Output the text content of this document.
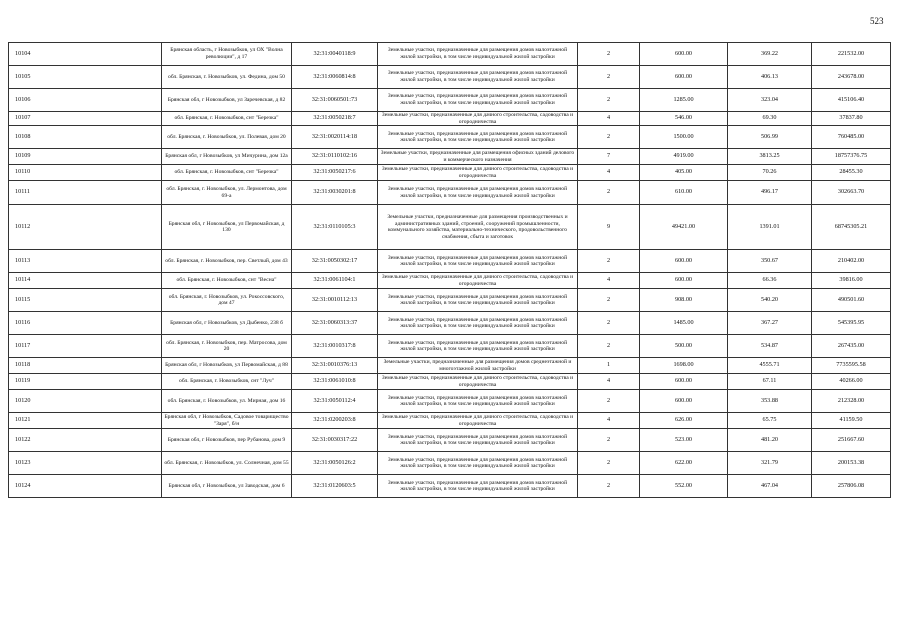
523
10104	Брянская область, г Новозыбков, ул ОХ "Волна революции", д 17	32:31:0040118:9	Земельные участки, предназначенные для размещения домов малоэтажной жилой застройки, в том числе индивидуальной жилой застройки	2	600.00	369.22	221532.00
10105	обл. Брянская, г. Новозыбков, ул. Федина, дом 50	32:31:0060814:8	Земельные участки, предназначенные для размещения домов малоэтажной жилой застройки, в том числе индивидуальной жилой застройки	2	600.00	406.13	243678.00
10106	Брянская обл, г Новозыбков, ул Заречевская, д 82	32:31:0060501:73	Земельные участки, предназначенные для размещения домов малоэтажной жилой застройки, в том числе индивидуальной жилой застройки	2	1285.00	323.04	415106.40
10107	обл. Брянская, г. Новозыбков, снт "Березка"	32:31:0050218:7	Земельные участки, предназначенные для дачного строительства, садоводства и огородничества	4	546.00	69.30	37837.80
10108	обл. Брянская, г. Новозыбков, ул. Полевая, дом 20	32:31:0020114:18	Земельные участки, предназначенные для размещения домов малоэтажной жилой застройки, в том числе индивидуальной жилой застройки	2	1500.00	506.99	760485.00
10109	Брянская обл, г Новозыбков, ул Мичурина, дом 12а	32:31:0110102:16	Земельные участки, предназначенные для размещения офисных зданий делового и коммерческого назначения	7	4919.00	3813.25	18757376.75
10110	обл. Брянская, г. Новозыбков, снт "Березка"	32:31:0050217:6	Земельные участки, предназначенные для дачного строительства, садоводства и огородничества	4	405.00	70.26	28455.30
10111	обл. Брянская, г. Новозыбков, ул. Лермонтова, дом 69-а	32:31:0030201:8	Земельные участки, предназначенные для размещения домов малоэтажной жилой застройки, в том числе индивидуальной жилой застройки	2	610.00	496.17	302663.70
10112	Брянская обл, г Новозыбков, ул Первомайская, д 130	32:31:0110105:3	Земельные участки, предназначенные для размещения производственных и административных зданий, строений, сооружений промышленности, коммунального хозяйства, материально-технического, продовольственного снабжения, сбыта и заготовок	9	49421.00	1391.01	68745305.21
10113	обл. Брянская, г. Новозыбков, пер. Светлый, дом 43	32:31:0050302:17	Земельные участки, предназначенные для размещения домов малоэтажной жилой застройки, в том числе индивидуальной жилой застройки	2	600.00	350.67	210402.00
10114	обл. Брянская, г. Новозыбков, снт "Весна"	32:31:0061104:1	Земельные участки, предназначенные для дачного строительства, садоводства и огородничества	4	600.00	66.36	39816.00
10115	обл. Брянская, г. Новозыбков, ул. Рокоссовского, дом 47	32:31:0010112:13	Земельные участки, предназначенные для размещения домов малоэтажной жилой застройки, в том числе индивидуальной жилой застройки	2	908.00	540.20	490501.60
10116	Брянская обл, г Новозыбков, ул Дыбенко, 238 б	32:31:0060313:37	Земельные участки, предназначенные для размещения домов малоэтажной жилой застройки, в том числе индивидуальной жилой застройки	2	1485.00	367.27	545395.95
10117	обл. Брянская, г. Новозыбков, пер. Матросова, дом 20	32:31:0010317:8	Земельные участки, предназначенные для размещения домов малоэтажной жилой застройки, в том числе индивидуальной жилой застройки	2	500.00	534.87	267435.00
10118	Брянская обл, г Новозыбков, ул Первомайская, д 88	32:31:0010376:13	Земельные участки, предназначенные для размещения домов среднеэтажной и многоэтажной жилой застройки	1	1698.00	4555.71	7735595.58
10119	обл. Брянская, г. Новозыбков, снт "Луч"	32:31:0061010:8	Земельные участки, предназначенные для дачного строительства, садоводства и огородничества	4	600.00	67.11	40266.00
10120	обл. Брянская, г. Новозыбков, ул. Мирная, дом 16	32:31:0050112:4	Земельные участки, предназначенные для размещения домов малоэтажной жилой застройки, в том числе индивидуальной жилой застройки	2	600.00	353.88	212328.00
10121	Брянская обл, г Новозыбков, Садовое товарищество "Заря", б/н	32:31:0200203:8	Земельные участки, предназначенные для дачного строительства, садоводства и огородничества	4	626.00	65.75	41159.50
10122	Брянская обл, г Новозыбков, пер Рубанова, дом 9	32:31:0030317:22	Земельные участки, предназначенные для размещения домов малоэтажной жилой застройки, в том числе индивидуальной жилой застройки	2	523.00	481.20	251667.60
10123	обл. Брянская, г. Новозыбков, ул. Солнечная, дом 55	32:31:0050126:2	Земельные участки, предназначенные для размещения домов малоэтажной жилой застройки, в том числе индивидуальной жилой застройки	2	622.00	321.79	200153.38
10124	Брянская обл, г Новозыбков, ул Заводская, дом 6	32:31:0120603:5	Земельные участки, предназначенные для размещения домов малоэтажной жилой застройки, в том числе индивидуальной жилой застройки	2	552.00	467.04	257806.08
